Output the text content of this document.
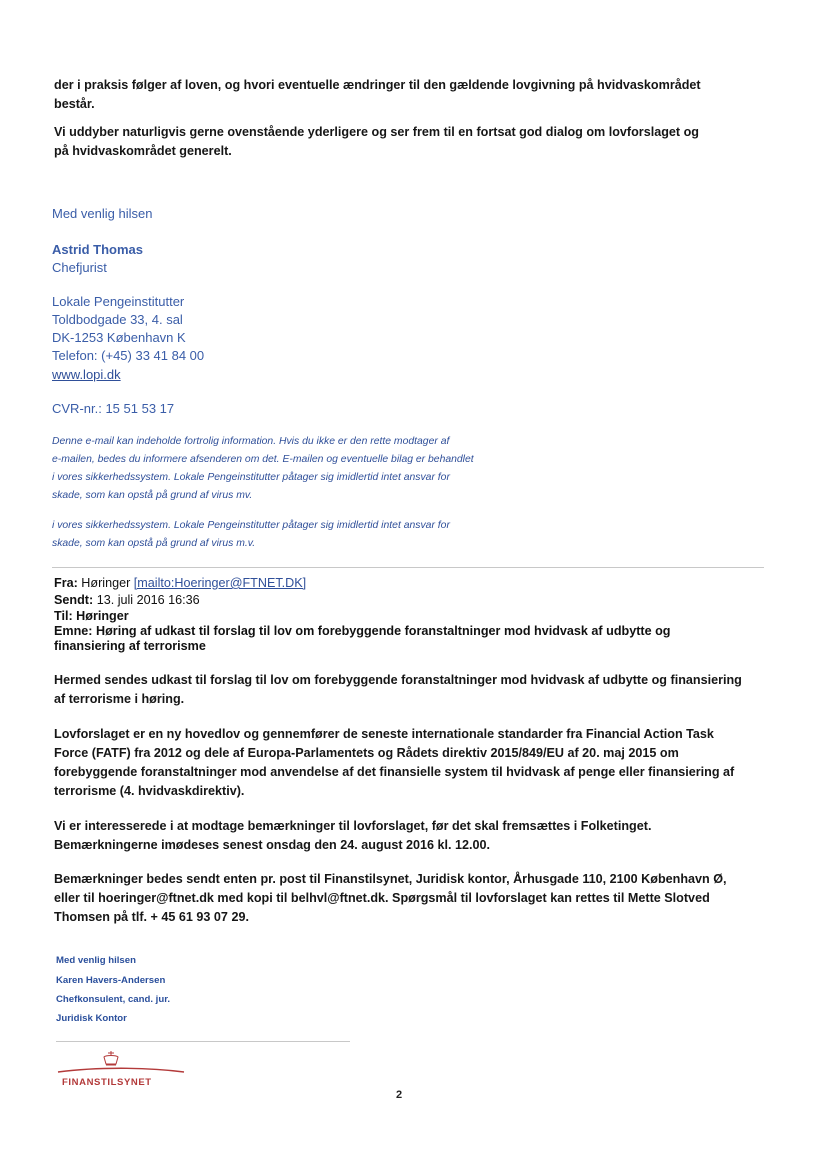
der i praksis følger af loven, og hvori eventuelle ændringer til den gældende lovgivning på hvidvaskområdet består.
Vi uddyber naturligvis gerne ovenstående yderligere og ser frem til en fortsat god dialog om lovforslaget og på hvidvaskområdet generelt.
Med venlig hilsen
Astrid Thomas
Chefjurist
Lokale Pengeinstitutter
Toldbodgade 33, 4. sal
DK-1253 København K
Telefon: (+45) 33 41 84 00
www.lopi.dk
CVR-nr.: 15 51 53 17
Denne e-mail kan indeholde fortrolig information. Hvis du ikke er den rette modtager af
e-mailen, bedes du informere afsenderen om det. E-mailen og eventuelle bilag er behandlet
i vores sikkerhedssystem. Lokale Pengeinstitutter påtager sig imidlertid intet ansvar for
skade, som kan opstå på grund af virus mv.
i vores sikkerhedssystem. Lokale Pengeinstitutter påtager sig imidlertid intet ansvar for
skade, som kan opstå på grund af virus m.v.
Fra: Høringer [mailto:Hoeringer@FTNET.DK]
Sendt: 13. juli 2016 16:36
Til: Høringer
Emne: Høring af udkast til forslag til lov om forebyggende foranstaltninger mod hvidvask af udbytte og finansiering af terrorisme
Hermed sendes udkast til forslag til lov om forebyggende foranstaltninger mod hvidvask af udbytte og finansiering af terrorisme i høring.
Lovforslaget er en ny hovedlov og gennemfører de seneste internationale standarder fra Financial Action Task Force (FATF) fra 2012 og dele af Europa-Parlamentets og Rådets direktiv 2015/849/EU af 20. maj 2015 om forebyggende foranstaltninger mod anvendelse af det finansielle system til hvidvask af penge eller finansiering af terrorisme (4. hvidvaskdirektiv).
Vi er interesserede i at modtage bemærkninger til lovforslaget, før det skal fremsættes i Folketinget.
Bemærkningerne imødeses senest onsdag den 24. august 2016 kl. 12.00.
Bemærkninger bedes sendt enten pr. post til Finanstilsynet, Juridisk kontor, Århusgade 110, 2100 København Ø, eller til hoeringer@ftnet.dk med kopi til belhvl@ftnet.dk. Spørgsmål til lovforslaget kan rettes til Mette Slotved Thomsen på tlf. + 45 61 93 07 29.
Med venlig hilsen
Karen Havers-Andersen
Chefkonsulent, cand. jur.
Juridisk Kontor
FINANSTILSYNET
2
